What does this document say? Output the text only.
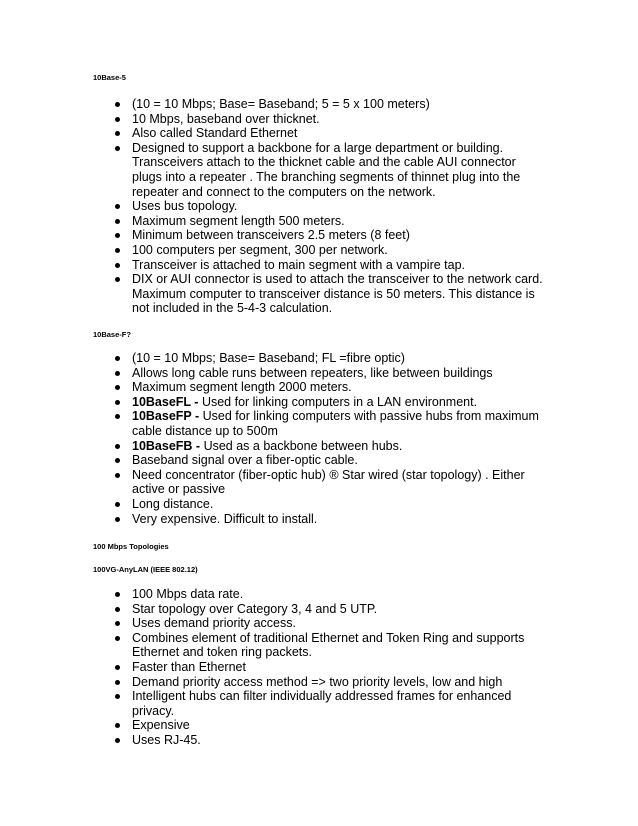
10Base-5
(10 = 10 Mbps; Base= Baseband; 5 = 5 x 100 meters)
10 Mbps, baseband over thicknet.
Also called Standard Ethernet
Designed to support a backbone for a large department or building.
Transceivers attach to the thicknet cable and the cable AUI connector
plugs into a repeater . The branching segments of thinnet plug into the
repeater and connect to the computers on the network.
Uses bus topology.
Maximum segment length 500 meters.
Minimum between transceivers 2.5 meters (8 feet)
100 computers per segment, 300 per network.
Transceiver is attached to main segment with a vampire tap.
DIX or AUI connector is used to attach the transceiver to the network card.
Maximum computer to transceiver distance is 50 meters. This distance is
not included in the 5-4-3 calculation.
10Base-F?
(10 = 10 Mbps; Base= Baseband; FL =fibre optic)
Allows long cable runs between repeaters, like between buildings
Maximum segment length 2000 meters.
10BaseFL - Used for linking computers in a LAN environment.
10BaseFP - Used for linking computers with passive hubs from maximum
cable distance up to 500m
10BaseFB - Used as a backbone between hubs.
Baseband signal over a fiber-optic cable.
Need concentrator (fiber-optic hub) ® Star wired (star topology) . Either
active or passive
Long distance.
Very expensive. Difficult to install.
100 Mbps Topologies
100VG-AnyLAN (IEEE 802.12)
100 Mbps data rate.
Star topology over Category 3, 4 and 5 UTP.
Uses demand priority access.
Combines element of traditional Ethernet and Token Ring and supports
Ethernet and token ring packets.
Faster than Ethernet
Demand priority access method => two priority levels, low and high
Intelligent hubs can filter individually addressed frames for enhanced
privacy.
Expensive
Uses RJ-45.
